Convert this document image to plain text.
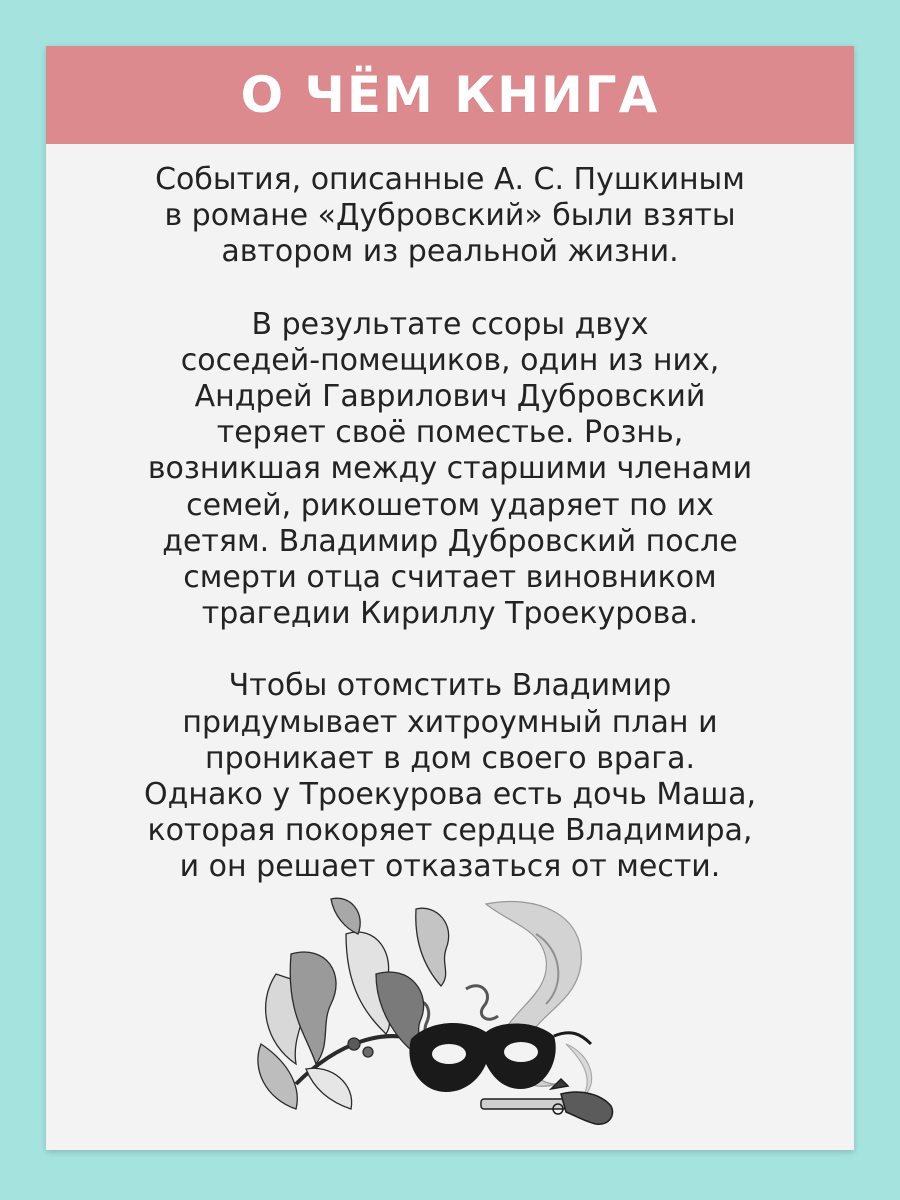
О ЧЁМ КНИГА

События, описанные А. С. Пушкиным
в романе «Дубровский» были взяты
автором из реальной жизни.

В результате ссоры двух
соседей-помещиков, один из них,
Андрей Гаврилович Дубровский
теряет своё поместье. Рознь,
возникшая между старшими членами
семей, рикошетом ударяет по их
детям. Владимир Дубровский после
смерти отца считает виновником
трагедии Кириллу Троекурова.

Чтобы отомстить Владимир
придумывает хитроумный план и
проникает в дом своего врага.
Однако у Троекурова есть дочь Маша,
которая покоряет сердце Владимира,
и он решает отказаться от мести.
